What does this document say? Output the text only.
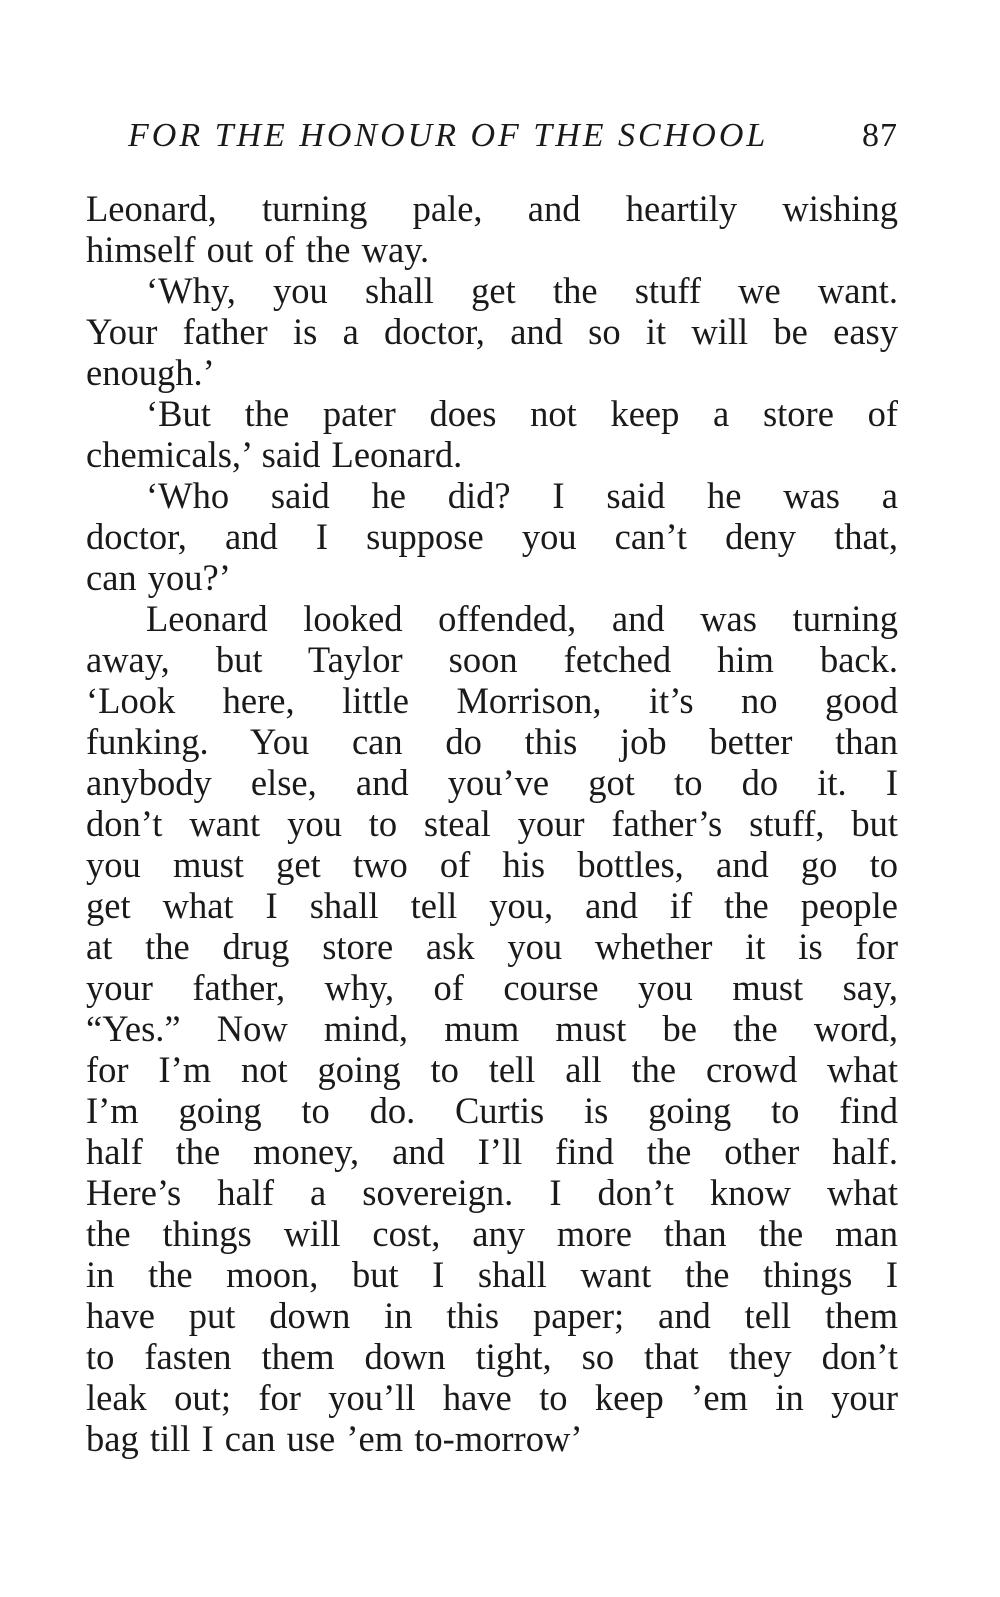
FOR THE HONOUR OF THE SCHOOL	87
Leonard, turning pale, and heartily wishing
himself out of the way.
‘Why, you shall get the stuff we want.
Your father is a doctor, and so it will be easy
enough.’
‘But the pater does not keep a store of
chemicals,’ said Leonard.
‘Who said he did? I said he was a
doctor, and I suppose you can’t deny that,
can you?’
Leonard looked offended, and was turning
away, but Taylor soon fetched him back.
‘Look here, little Morrison, it’s no good
funking. You can do this job better than
anybody else, and you’ve got to do it. I
don’t want you to steal your father’s stuff, but
you must get two of his bottles, and go to
get what I shall tell you, and if the people
at the drug store ask you whether it is for
your father, why, of course you must say,
“Yes.” Now mind, mum must be the word,
for I’m not going to tell all the crowd what
I’m going to do. Curtis is going to find
half the money, and I’ll find the other half.
Here’s half a sovereign. I don’t know what
the things will cost, any more than the man
in the moon, but I shall want the things I
have put down in this paper; and tell them
to fasten them down tight, so that they don’t
leak out; for you’ll have to keep ’em in your
bag till I can use ’em to-morrow’
